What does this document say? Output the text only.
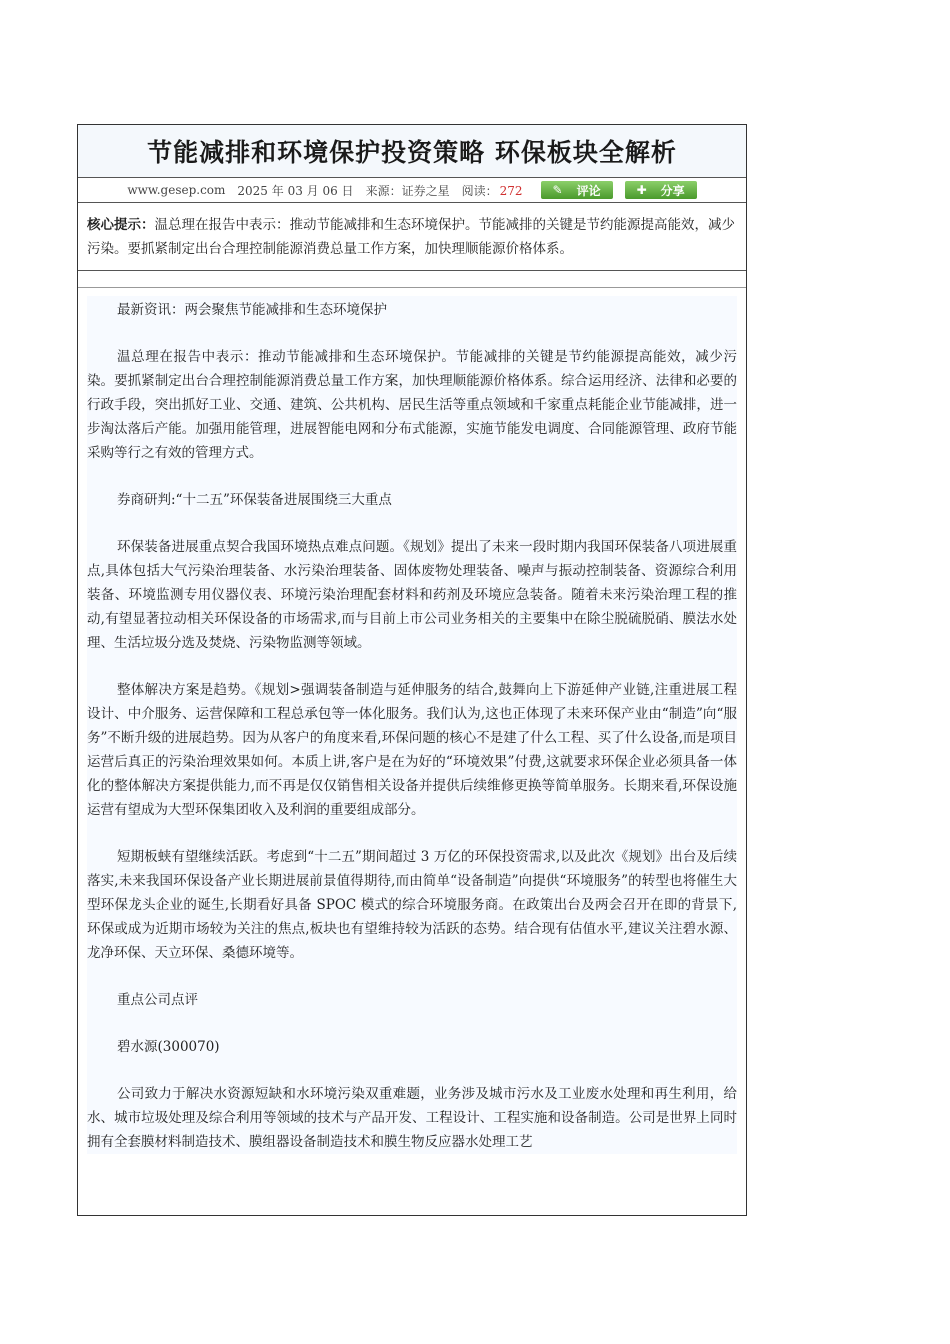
节能减排和环境保护投资策略 环保板块全解析
www.gesep.com 2025 年 03 月 06 日 来源：证券之星 阅读： 272	✎ 评论	✚ 分享
核心提示：温总理在报告中表示：推动节能减排和生态环境保护。节能减排的关键是节约能源提高能效，减少污染。要抓紧制定出台合理控制能源消费总量工作方案，加快理顺能源价格体系。

最新资讯：两会聚焦节能减排和生态环境保护

温总理在报告中表示：推动节能减排和生态环境保护。节能减排的关键是节约能源提高能效，减少污染。要抓紧制定出台合理控制能源消费总量工作方案，加快理顺能源价格体系。综合运用经济、法律和必要的行政手段，突出抓好工业、交通、建筑、公共机构、居民生活等重点领域和千家重点耗能企业节能减排，进一步淘汰落后产能。加强用能管理，进展智能电网和分布式能源，实施节能发电调度、合同能源管理、政府节能采购等行之有效的管理方式。

券商研判:“十二五”环保装备进展围绕三大重点

环保装备进展重点契合我国环境热点难点问题。《规划》提出了未来一段时期内我国环保装备八项进展重点,具体包括大气污染治理装备、水污染治理装备、固体废物处理装备、噪声与振动控制装备、资源综合利用装备、环境监测专用仪器仪表、环境污染治理配套材料和药剂及环境应急装备。随着未来污染治理工程的推动,有望显著拉动相关环保设备的市场需求,而与目前上市公司业务相关的主要集中在除尘脱硫脱硝、膜法水处理、生活垃圾分选及焚烧、污染物监测等领域。

整体解决方案是趋势。《规划>强调装备制造与延伸服务的结合,鼓舞向上下游延伸产业链,注重进展工程设计、中介服务、运营保障和工程总承包等一体化服务。我们认为,这也正体现了未来环保产业由“制造”向“服务”不断升级的进展趋势。因为从客户的角度来看,环保问题的核心不是建了什么工程、买了什么设备,而是项目运营后真正的污染治理效果如何。本质上讲,客户是在为好的“环境效果”付费,这就要求环保企业必须具备一体化的整体解决方案提供能力,而不再是仅仅销售相关设备并提供后续维修更换等简单服务。长期来看,环保设施运营有望成为大型环保集团收入及利润的重要组成部分。

短期板蛱有望继续活跃。考虑到“十二五”期间超过 3 万亿的环保投资需求,以及此次《规划》出台及后续落实,未来我国环保设备产业长期进展前景值得期待,而由简单“设备制造”向提供“环境服务”的转型也将催生大型环保龙头企业的诞生,长期看好具备 SPOC 模式的综合环境服务商。在政策出台及两会召开在即的背景下,环保或成为近期市场较为关注的焦点,板块也有望维持较为活跃的态势。结合现有估值水平,建议关注碧水源、龙净环保、天立环保、桑德环境等。

重点公司点评

碧水源(300070)

公司致力于解决水资源短缺和水环境污染双重难题，业务涉及城市污水及工业废水处理和再生利用，给水、城市垃圾处理及综合利用等领域的技术与产品开发、工程设计、工程实施和设备制造。公司是世界上同时拥有全套膜材料制造技术、膜组器设备制造技术和膜生物反应器水处理工艺
